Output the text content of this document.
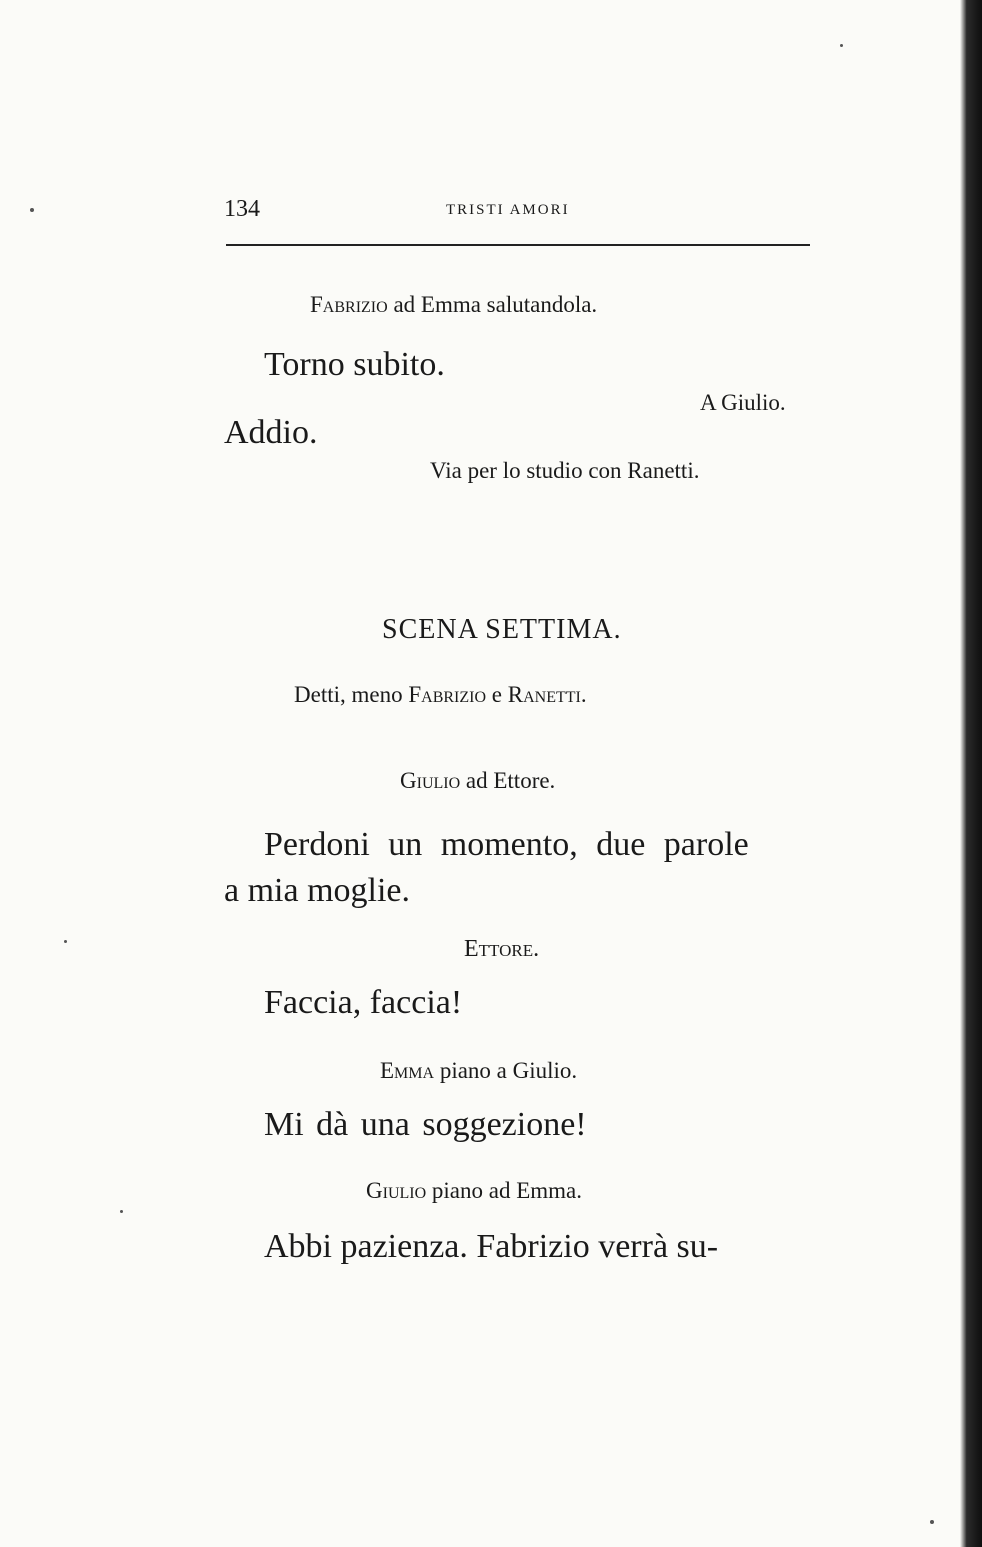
134	TRISTI AMORI
Fabrizio ad Emma salutandola.
Torno subito.
A Giulio.
Addio.
Via per lo studio con Ranetti.
SCENA SETTIMA.
Detti, meno Fabrizio e Ranetti.
Giulio ad Ettore.
Perdoni un momento, due parole
a mia moglie.
Ettore.
Faccia, faccia!
Emma piano a Giulio.
Mi dà una soggezione!
Giulio piano ad Emma.
Abbi pazienza. Fabrizio verrà su-
